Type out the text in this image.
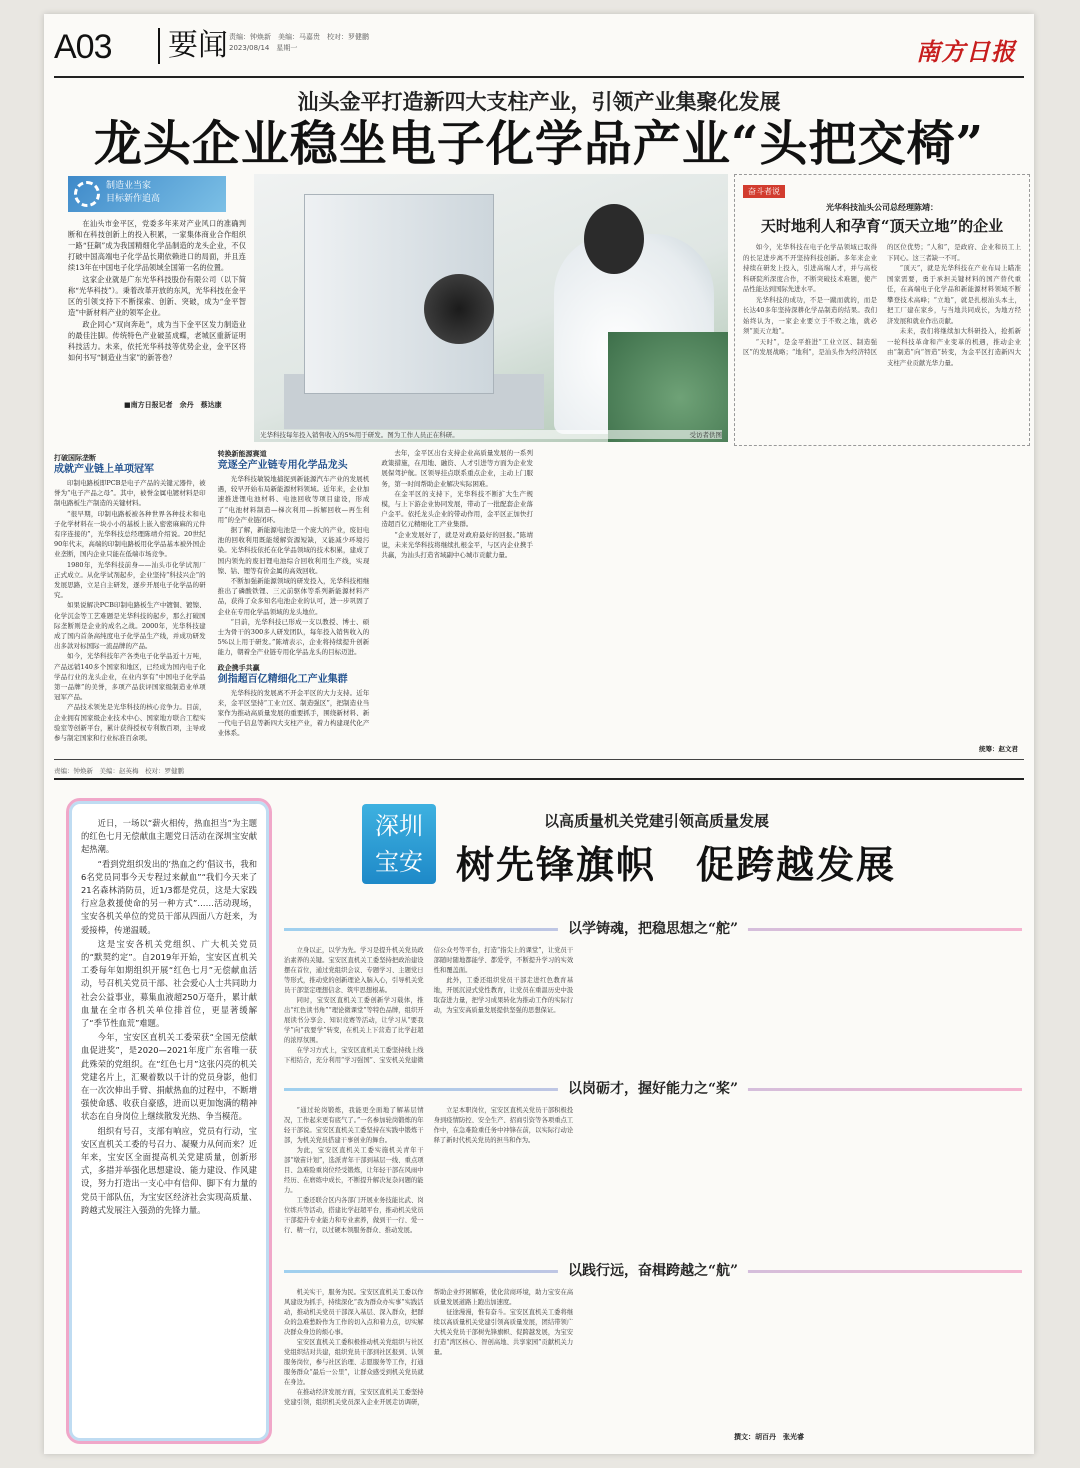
A03	要闻 责编：钟焕新　美编：马嘉贵　校对：罗健鹏
2023/08/14　星期一	南方日报
汕头金平打造新四大支柱产业，引领产业集聚化发展
龙头企业稳坐电子化学品产业“头把交椅”
制造业当家
目标新作追高

在汕头市金平区，党委多年来对产业风口的准确判断和在科技创新上的投入积累，一家集体商业合作组织一路“狂飙”成为我国精细化学品制造的龙头企业，不仅打破中国高端电子化学品长期依赖进口的局面，并且连续13年在中国电子化学品领域全国第一名的位置。

这家企业就是广东光华科技股份有限公司（以下简称“光华科技”）。秉着改革开放的东风，光华科技在金平区的引领支持下不断探索、创新、突破，成为“金平智造”中新材料产业的领军企业。

政企同心“双向奔赴”，成为当下金平区发力制造业的最佳注脚。传统特色产业破茧成蝶，老城区重新证明科技活力。未来，依托光华科技等优势企业，金平区将如何书写“制造业当家”的新答卷？

■南方日报记者　余丹　蔡达康
光华科技每年投入销售收入的5%用于研发。图为工作人员正在科研。	受访者供图
奋斗者说
光华科技汕头公司总经理陈靖：
天时地利人和孕育“顶天立地”的企业

如今，光华科技在电子化学品领域已取得的长足进步离不开坚持科技创新。多年来企业持续在研发上投入，引进高端人才，并与高校科研院所深度合作，不断突破技术难题，使产品性能达到国际先进水平。

光华科技的成功，不是一蹴而就的，而是长达40多年坚持深耕化学品制造的结果。我们始终认为，一家企业要立于不败之地，就必须“顶天立地”。

“天时”，是金平推进“工业立区、制造强区”的发展战略；“地利”，是汕头作为经济特区的区位优势；“人和”，是政府、企业和员工上下同心。这三者缺一不可。

“顶天”，就是光华科技在产业布局上瞄准国家需要，勇于承担关键材料的国产替代重任，在高端电子化学品和新能源材料领域不断攀登技术高峰；“立地”，就是扎根汕头本土，把工厂建在家乡，与当地共同成长，为地方经济发展和就业作出贡献。

未来，我们将继续加大科研投入，抢抓新一轮科技革命和产业变革的机遇，推动企业由“制造”向“智造”转变，为金平区打造新四大支柱产业贡献光华力量。

打破国际垄断
成就产业链上单项冠军

印制电路板即PCB是电子产品的关键元器件，被誉为“电子产品之母”。其中，被誉金属电镀材料是印制电路板生产制造的关键材料。

“很早期，印制电路板被各种世界各种技术和电子化学材料在一块小小的基板上嵌入密密麻麻的元件有序连接的”，光华科技总经理陈靖介绍说。20世纪90年代末，高端的印制电路板用化学品基本被外国企业垄断，国内企业只能在低端市场竞争。

1980年，光华科技前身——汕头市化学试剂厂正式成立。从化学试剂起步，企业坚持“科技兴企”的发展思路，立足自主研发，逐步开展电子化学品的研究。

如果说解决PCB印制电路板生产中镀铜、镀镍、化学沉金等工艺难题是光华科技的起步，那么打破国际垄断则是企业的成名之战。2000年，光华科技建成了国内首条高纯度电子化学品生产线，并成功研发出多款对标国际一流品牌的产品。

如今，光华科技年产各类电子化学品近十万吨，产品远销140多个国家和地区，已经成为国内电子化学品行业的龙头企业，在业内享有“中国电子化学品第一品牌”的美誉，多项产品获评国家级制造业单项冠军产品。

产品技术领先是光华科技的核心竞争力。目前，企业拥有国家级企业技术中心、国家地方联合工程实验室等创新平台，累计获得授权专利数百项，主导或参与制定国家和行业标准百余项。

转换新能源赛道
竞逐全产业链专用化学品龙头

光华科技敏锐地捕捉到新能源汽车产业的发展机遇，较早开始布局新能源材料领域。近年来，企业加速推进锂电池材料、电池回收等项目建设，形成了“电池材料制造—梯次利用—拆解回收—再生利用”的全产业链闭环。

据了解，新能源电池是一个庞大的产业，废旧电池的回收利用既能缓解资源短缺，又能减少环境污染。光华科技依托在化学品领域的技术积累，建成了国内领先的废旧锂电池综合回收利用生产线，实现镍、钴、锂等有价金属的高效回收。

不断加强新能源领域的研发投入，光华科技相继推出了磷酸铁锂、三元前驱体等系列新能源材料产品，获得了众多知名电池企业的认可，进一步巩固了企业在专用化学品领域的龙头地位。

“目前，光华科技已形成一支以教授、博士、硕士为骨干的300多人研发团队，每年投入销售收入的5%以上用于研发。”陈靖表示，企业将持续提升创新能力，朝着全产业链专用化学品龙头的目标迈进。

政企携手共赢
剑指超百亿精细化工产业集群

光华科技的发展离不开金平区的大力支持。近年来，金平区坚持“工业立区、制造强区”，把制造业当家作为推动高质量发展的重要抓手，围绕新材料、新一代电子信息等新四大支柱产业，着力构建现代化产业体系。

去年，金平区出台支持企业高质量发展的一系列政策措施，在用地、融资、人才引进等方面为企业发展保驾护航。区领导挂点联系重点企业，主动上门服务，第一时间帮助企业解决实际困难。

在金平区的支持下，光华科技不断扩大生产规模，与上下游企业协同发展，带动了一批配套企业落户金平。依托龙头企业的带动作用，金平区正加快打造超百亿元精细化工产业集群。

“企业发展好了，就是对政府最好的回报。”陈靖说，未来光华科技将继续扎根金平，与区内企业携手共赢，为汕头打造省域副中心城市贡献力量。

统筹：赵文君
责编：钟焕新　美编：赵英梅　校对：罗健鹏

近日，一场以“薪火相传，热血担当”为主题的红色七月无偿献血主题党日活动在深圳宝安献起热潮。

“看到党组织发出的‘热血之约’倡议书，我和6名党员同事今天专程过来献血”“我们今天来了21名森林消防员，近1/3都是党员，这是大家践行应急救援使命的另一种方式”……活动现场，宝安各机关单位的党员干部从四面八方赶来，为爱接棒，传递温暖。

这是宝安各机关党组织、广大机关党员的“默契约定”。自2019年开始，宝安区直机关工委每年如期组织开展“红色七月”无偿献血活动，号召机关党员干部、社会爱心人士共同助力社会公益事业，募集血液超250万毫升，累计献血量在全市各机关单位排首位，更显著缓解了“季节性血荒”难题。

今年，宝安区直机关工委荣获“全国无偿献血促进奖”，是2020—2021年度广东省唯一获此殊荣的党组织。在“红色七月”这张闪亮的机关党建名片上，汇聚着数以千计的党员身影，他们在一次次伸出手臂、捐献热血的过程中，不断增强使命感、收获自豪感，进而以更加饱满的精神状态在自身岗位上继续散发光热、争当模范。

组织有号召，支部有响应，党员有行动，宝安区直机关工委的号召力、凝聚力从何而来？近年来，宝安区全面提高机关党建质量，创新形式，多措并举强化思想建设、能力建设、作风建设，努力打造出一支心中有信仰、脚下有力量的党员干部队伍，为宝安区经济社会实现高质量、跨越式发展注入强劲的先锋力量。

深圳
宝安
以高质量机关党建引领高质量发展
树先锋旗帜　促跨越发展
以学铸魂，把稳思想之“舵”

立身以正，以学为先。学习是提升机关党员政治素养的关键。宝安区直机关工委坚持把政治建设摆在首位，通过党组织会议、专题学习、主题党日等形式，推动党的创新理论入脑入心，引导机关党员干部坚定理想信念、筑牢思想根基。

同时，宝安区直机关工委创新学习载体，推出“红色读书角”“理论微课堂”等特色品牌，组织开展读书分享会、知识竞赛等活动，让学习从“要我学”向“我要学”转变，在机关上下营造了比学赶超的浓厚氛围。

在学习方式上，宝安区直机关工委坚持线上线下相结合，充分利用“学习强国”、宝安机关党建微信公众号等平台，打造“指尖上的课堂”，让党员干部随时随地都能学、都爱学，不断提升学习的实效性和覆盖面。

此外，工委还组织党员干部走进红色教育基地，开展沉浸式党性教育，让党员在重温历史中汲取奋进力量，把学习成果转化为推动工作的实际行动，为宝安高质量发展提供坚强的思想保证。

以岗砺才，握好能力之“桨”

“通过轮岗锻炼，我能更全面地了解基层情况，工作起来更有底气了。”一名参加轮岗锻炼的年轻干部说。宝安区直机关工委坚持在实践中锻炼干部，为机关党员搭建干事创业的舞台。

为此，宝安区直机关工委实施机关青年干部“墩苗计划”，选派青年干部到基层一线、重点项目、急难险重岗位经受锻炼，让年轻干部在风雨中经历、在磨练中成长，不断提升解决复杂问题的能力。

工委还联合区内各部门开展业务技能比武、岗位练兵等活动，搭建比学赶超平台，推动机关党员干部提升专业能力和专业素养，做到干一行、爱一行、精一行，以过硬本领服务群众、推动发展。

立足本职岗位，宝安区直机关党员干部积极投身到疫情防控、安全生产、招商引资等各项重点工作中，在急难险重任务中冲锋在前，以实际行动诠释了新时代机关党员的担当和作为。

以践行远，奋楫跨越之“航”

机关实干，服务为民。宝安区直机关工委以作风建设为抓手，持续深化“我为群众办实事”实践活动，推动机关党员干部深入基层、深入群众，把群众的急难愁盼作为工作的切入点和着力点，切实解决群众身边的烦心事。

宝安区直机关工委积极推动机关党组织与社区党组织结对共建，组织党员干部到社区报到、认领服务岗位，参与社区治理、志愿服务等工作，打通服务群众“最后一公里”，让群众感受到机关党员就在身边。

在推动经济发展方面，宝安区直机关工委坚持党建引领，组织机关党员深入企业开展走访调研，帮助企业纾困解难，优化营商环境，助力宝安在高质量发展道路上跑出加速度。

征途漫漫，惟有奋斗。宝安区直机关工委将继续以高质量机关党建引领高质量发展，团结带领广大机关党员干部树先锋旗帜、促跨越发展，为宝安打造“湾区核心、智创高地、共享家园”贡献机关力量。

撰文：胡百丹　张光睿
